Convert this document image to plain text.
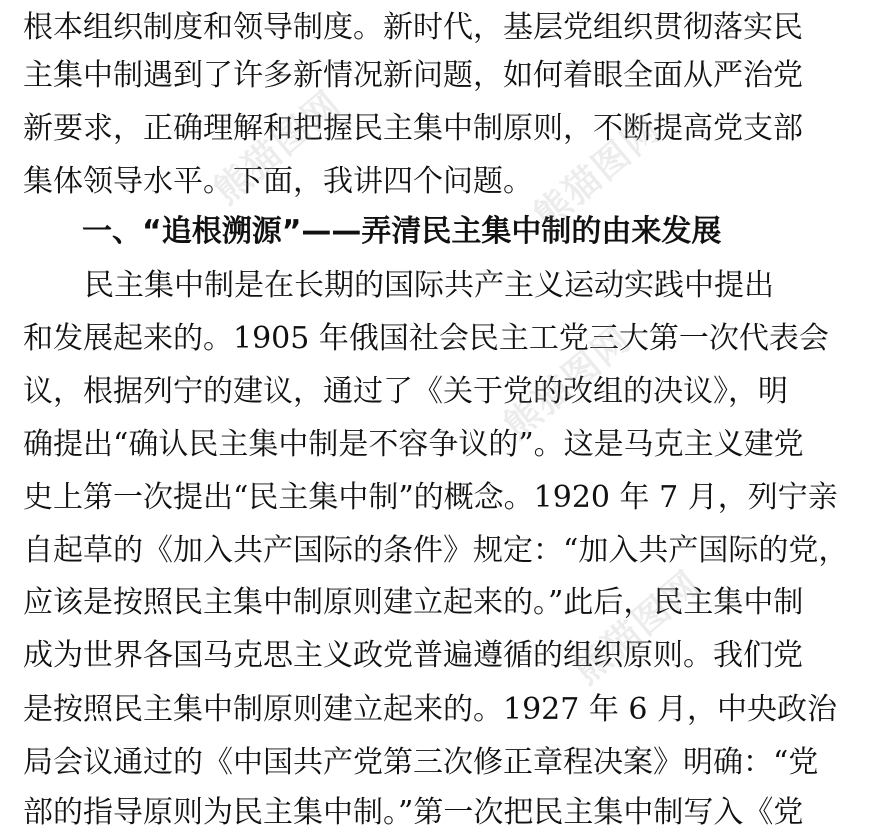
根本组织制度和领导制度。新时代，基层党组织贯彻落实民
主集中制遇到了许多新情况新问题，如何着眼全面从严治党
新要求，正确理解和把握民主集中制原则，不断提高党支部
集体领导水平。下面，我讲四个问题。
一、“追根溯源”——弄清民主集中制的由来发展
民主集中制是在长期的国际共产主义运动实践中提出
和发展起来的。1905 年俄国社会民主工党三大第一次代表会
议，根据列宁的建议，通过了《关于党的改组的决议》，明
确提出“确认民主集中制是不容争议的”。这是马克主义建党
史上第一次提出“民主集中制”的概念。1920 年 7 月，列宁亲
自起草的《加入共产国际的条件》规定：“加入共产国际的党，
应该是按照民主集中制原则建立起来的。”此后，民主集中制
成为世界各国马克思主义政党普遍遵循的组织原则。我们党
是按照民主集中制原则建立起来的。1927 年 6 月，中央政治
局会议通过的《中国共产党第三次修正章程决案》明确：“党
部的指导原则为民主集中制。”第一次把民主集中制写入《党
熊猫图网	熊猫图网
熊猫图网
熊猫图网
